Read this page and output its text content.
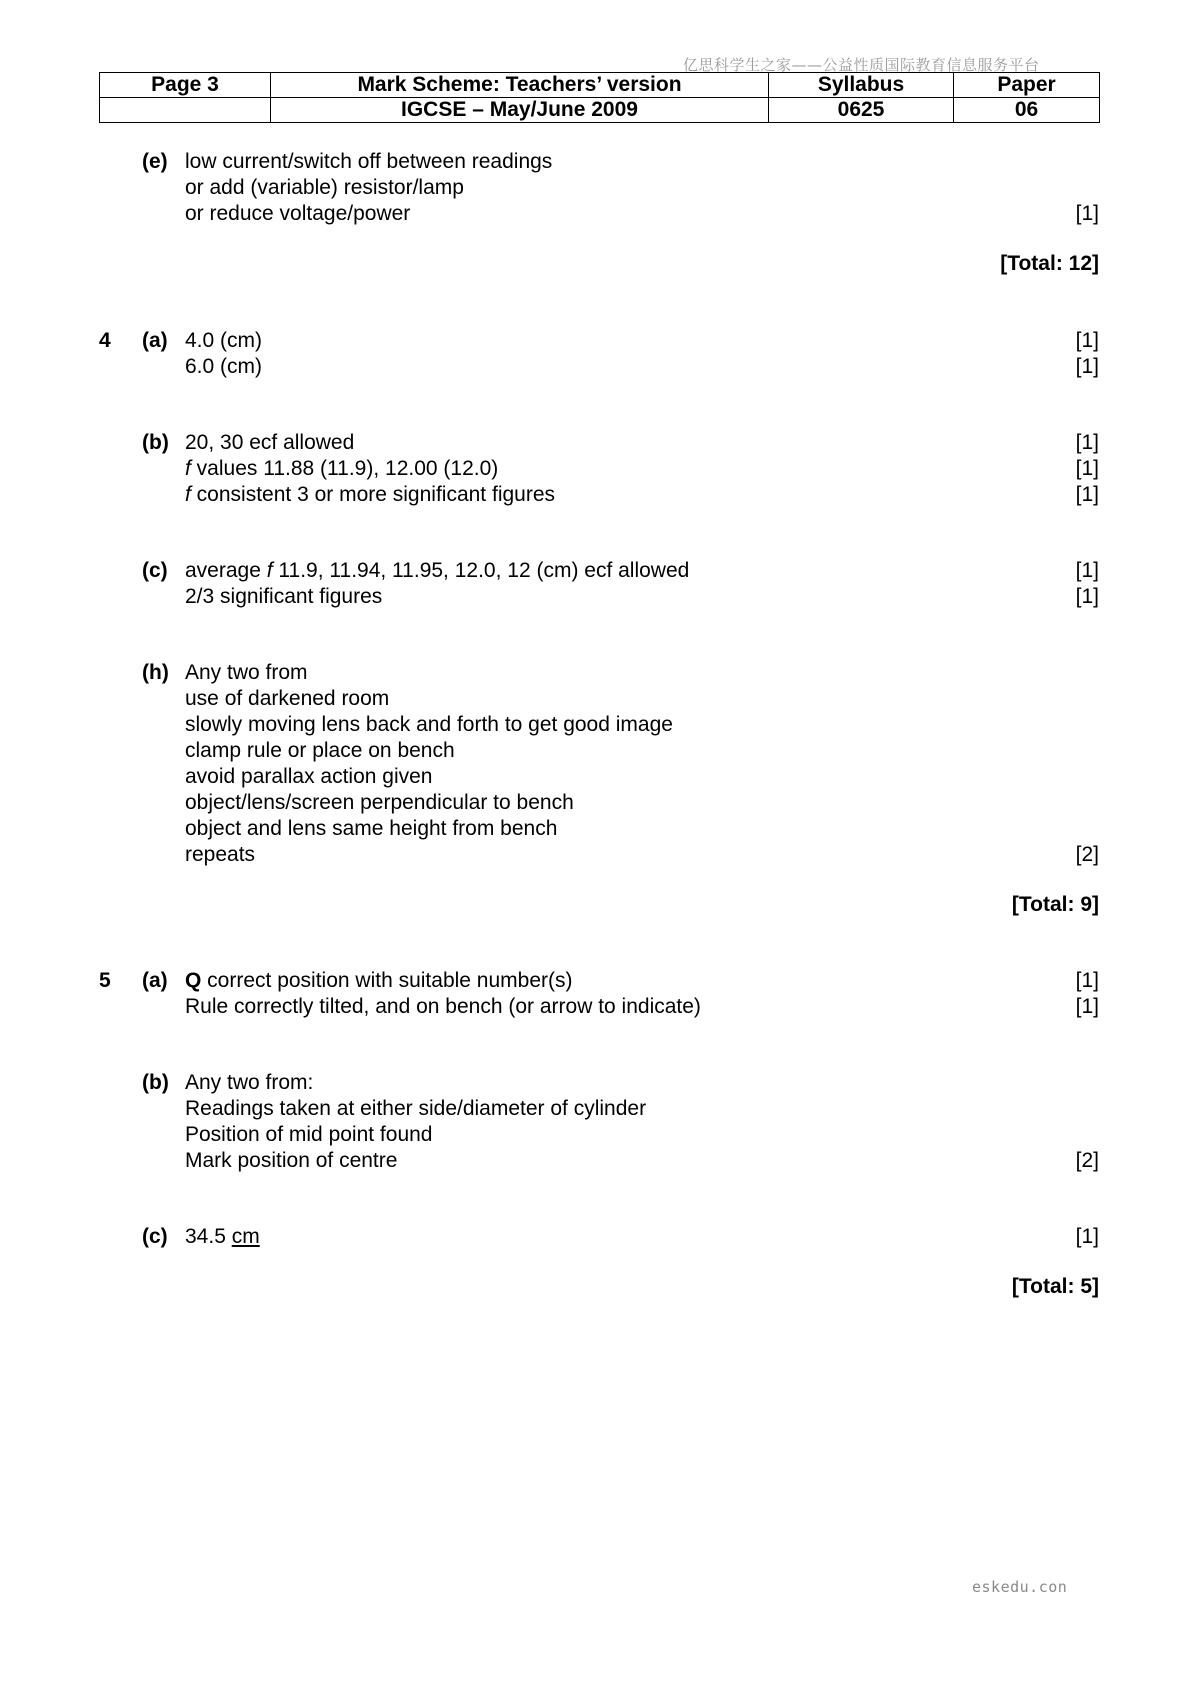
亿思科学生之家——公益性质国际教育信息服务平台
Page 3	Mark Scheme: Teachers’ version	Syllabus	Paper
	IGCSE – May/June 2009	0625	06
(e) low current/switch off between readings
or add (variable) resistor/lamp
or reduce voltage/power	[1]
[Total: 12]
4 (a) 4.0 (cm)	[1]
6.0 (cm)	[1]
(b) 20, 30 ecf allowed	[1]
f values 11.88 (11.9), 12.00 (12.0)	[1]
f consistent 3 or more significant figures	[1]
(c) average f 11.9, 11.94, 11.95, 12.0, 12 (cm) ecf allowed	[1]
2/3 significant figures	[1]
(h) Any two from
use of darkened room
slowly moving lens back and forth to get good image
clamp rule or place on bench
avoid parallax action given
object/lens/screen perpendicular to bench
object and lens same height from bench
repeats	[2]
[Total: 9]
5 (a) Q correct position with suitable number(s)	[1]
Rule correctly tilted, and on bench (or arrow to indicate)	[1]
(b) Any two from:
Readings taken at either side/diameter of cylinder
Position of mid point found
Mark position of centre	[2]
(c) 34.5 cm	[1]
[Total: 5]
eskedu.con
